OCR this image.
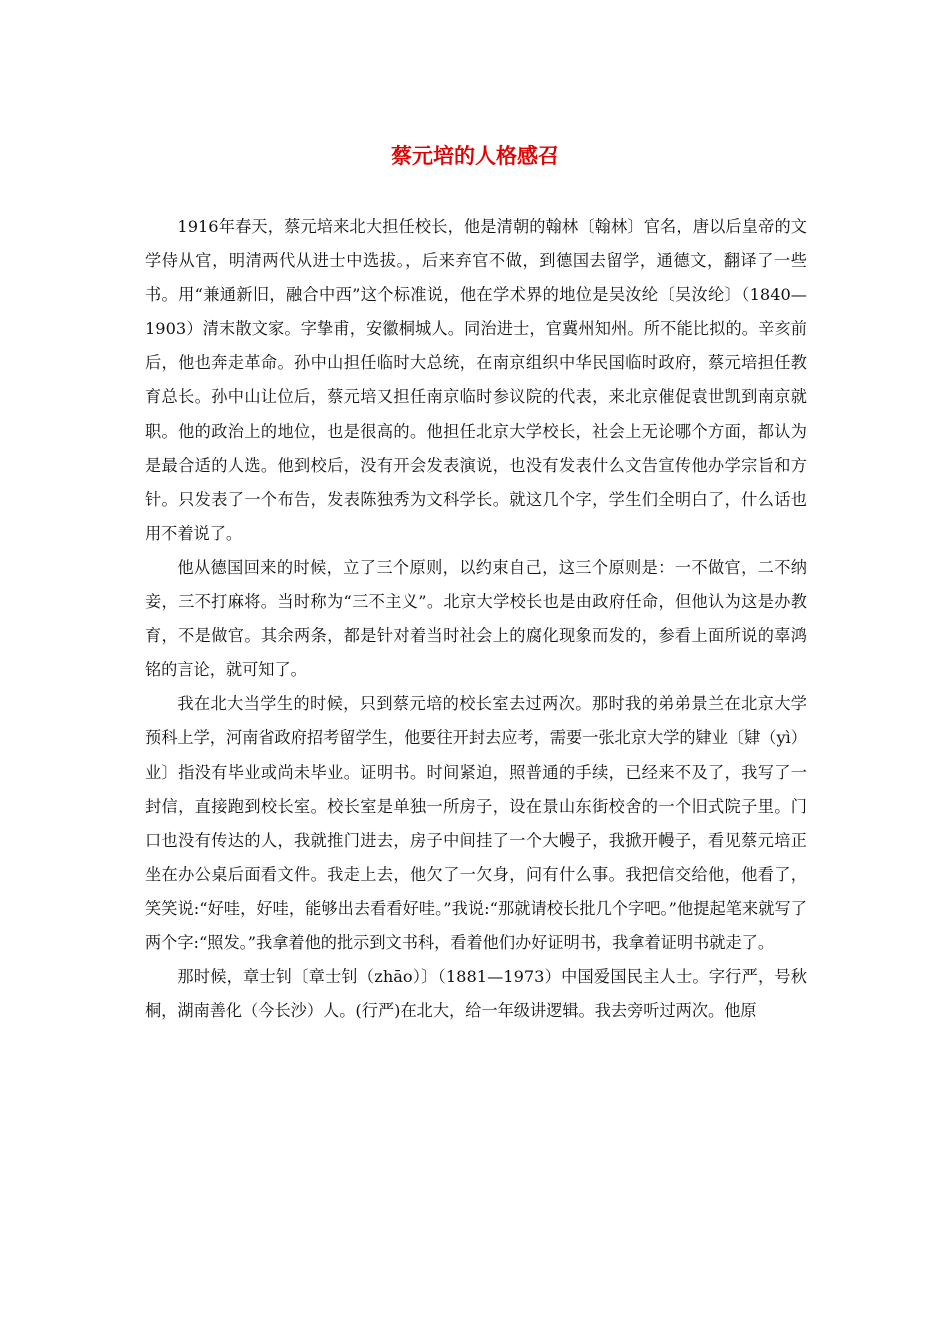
蔡元培的人格感召

1916年春天，蔡元培来北大担任校长，他是清朝的翰林〔翰林〕官名，唐以后皇帝的文学侍从官，明清两代从进士中选拔。，后来弃官不做，到德国去留学，通德文，翻译了一些书。用“兼通新旧，融合中西”这个标准说，他在学术界的地位是吴汝纶〔吴汝纶〕（1840—1903）清末散文家。字挚甫，安徽桐城人。同治进士，官冀州知州。所不能比拟的。辛亥前后，他也奔走革命。孙中山担任临时大总统，在南京组织中华民国临时政府，蔡元培担任教育总长。孙中山让位后，蔡元培又担任南京临时参议院的代表，来北京催促袁世凯到南京就职。他的政治上的地位，也是很高的。他担任北京大学校长，社会上无论哪个方面，都认为是最合适的人选。他到校后，没有开会发表演说，也没有发表什么文告宣传他办学宗旨和方针。只发表了一个布告，发表陈独秀为文科学长。就这几个字，学生们全明白了，什么话也用不着说了。

他从德国回来的时候，立了三个原则，以约束自己，这三个原则是：一不做官，二不纳妾，三不打麻将。当时称为“三不主义”。北京大学校长也是由政府任命，但他认为这是办教育，不是做官。其余两条，都是针对着当时社会上的腐化现象而发的，参看上面所说的辜鸿铭的言论，就可知了。

我在北大当学生的时候，只到蔡元培的校长室去过两次。那时我的弟弟景兰在北京大学预科上学，河南省政府招考留学生，他要往开封去应考，需要一张北京大学的肄业〔肄（yì）业〕指没有毕业或尚未毕业。证明书。时间紧迫，照普通的手续，已经来不及了，我写了一封信，直接跑到校长室。校长室是单独一所房子，设在景山东街校舍的一个旧式院子里。门口也没有传达的人，我就推门进去，房子中间挂了一个大幔子，我掀开幔子，看见蔡元培正坐在办公桌后面看文件。我走上去，他欠了一欠身，问有什么事。我把信交给他，他看了，笑笑说:“好哇，好哇，能够出去看看好哇。”我说:“那就请校长批几个字吧。”他提起笔来就写了两个字:“照发。”我拿着他的批示到文书科，看着他们办好证明书，我拿着证明书就走了。

那时候，章士钊〔章士钊（zhāo）〕（1881—1973）中国爱国民主人士。字行严，号秋桐，湖南善化（今长沙）人。(行严)在北大，给一年级讲逻辑。我去旁听过两次。他原
